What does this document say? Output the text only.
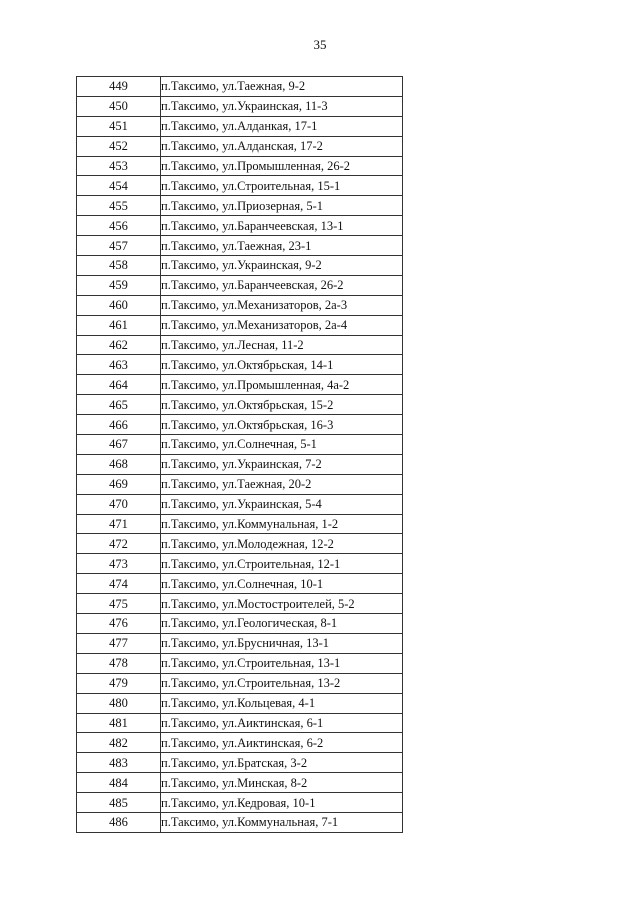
35
449	п.Таксимо, ул.Таежная, 9-2
450	п.Таксимо, ул.Украинская, 11-3
451	п.Таксимо, ул.Алданкая, 17-1
452	п.Таксимо, ул.Алданская, 17-2
453	п.Таксимо, ул.Промышленная, 26-2
454	п.Таксимо, ул.Строительная, 15-1
455	п.Таксимо, ул.Приозерная, 5-1
456	п.Таксимо, ул.Баранчеевская, 13-1
457	п.Таксимо, ул.Таежная, 23-1
458	п.Таксимо, ул.Украинская, 9-2
459	п.Таксимо, ул.Баранчеевская, 26-2
460	п.Таксимо, ул.Механизаторов, 2а-3
461	п.Таксимо, ул.Механизаторов, 2а-4
462	п.Таксимо, ул.Лесная, 11-2
463	п.Таксимо, ул.Октябрьская, 14-1
464	п.Таксимо, ул.Промышленная, 4а-2
465	п.Таксимо, ул.Октябрьская, 15-2
466	п.Таксимо, ул.Октябрьская, 16-3
467	п.Таксимо, ул.Солнечная, 5-1
468	п.Таксимо, ул.Украинская, 7-2
469	п.Таксимо, ул.Таежная, 20-2
470	п.Таксимо, ул.Украинская, 5-4
471	п.Таксимо, ул.Коммунальная, 1-2
472	п.Таксимо, ул.Молодежная, 12-2
473	п.Таксимо, ул.Строительная, 12-1
474	п.Таксимо, ул.Солнечная, 10-1
475	п.Таксимо, ул.Мостостроителей, 5-2
476	п.Таксимо, ул.Геологическая, 8-1
477	п.Таксимо, ул.Брусничная, 13-1
478	п.Таксимо, ул.Строительная, 13-1
479	п.Таксимо, ул.Строительная, 13-2
480	п.Таксимо, ул.Кольцевая, 4-1
481	п.Таксимо, ул.Аиктинская, 6-1
482	п.Таксимо, ул.Аиктинская, 6-2
483	п.Таксимо, ул.Братская, 3-2
484	п.Таксимо, ул.Минская, 8-2
485	п.Таксимо, ул.Кедровая, 10-1
486	п.Таксимо, ул.Коммунальная, 7-1
